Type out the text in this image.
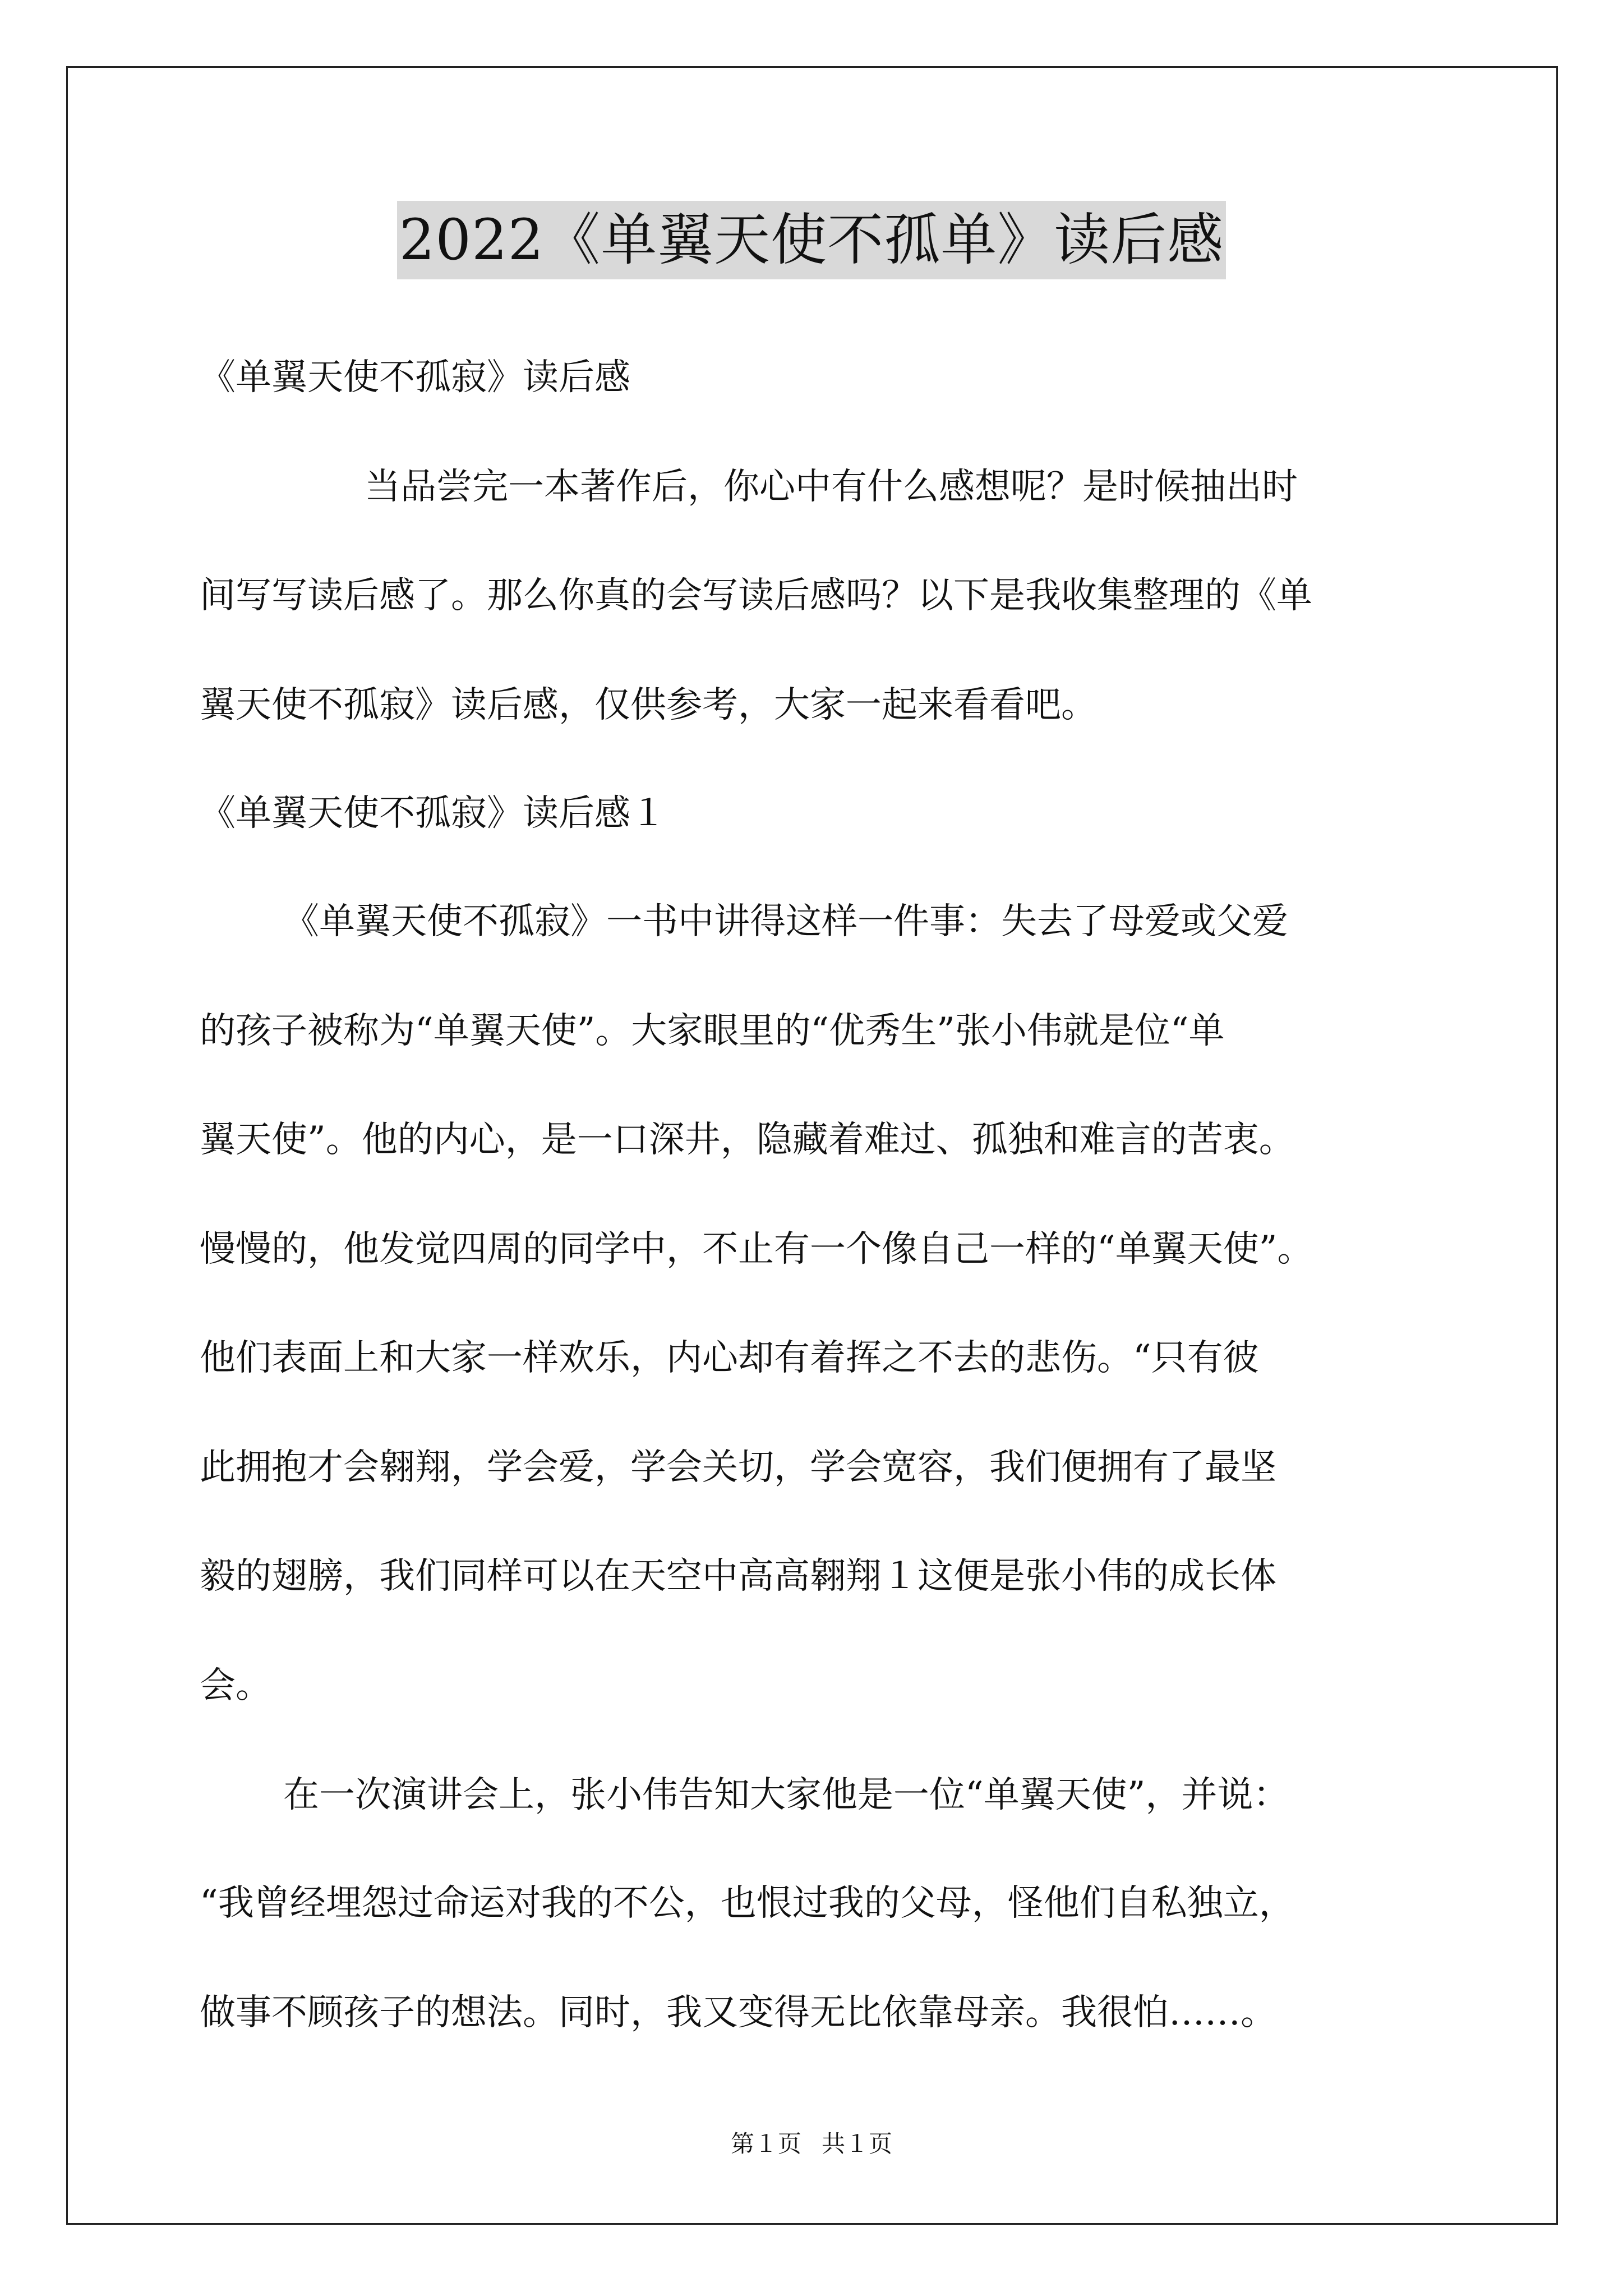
2022《单翼天使不孤单》读后感
《单翼天使不孤寂》读后感
当品尝完一本著作后，你心中有什么感想呢？是时候抽出时
间写写读后感了。那么你真的会写读后感吗？以下是我收集整理的《单
翼天使不孤寂》读后感，仅供参考，大家一起来看看吧。
《单翼天使不孤寂》读后感１
《单翼天使不孤寂》一书中讲得这样一件事：失去了母爱或父爱
的孩子被称为“单翼天使”。大家眼里的“优秀生”张小伟就是位“单
翼天使”。他的内心，是一口深井，隐藏着难过、孤独和难言的苦衷。
慢慢的，他发觉四周的同学中，不止有一个像自己一样的“单翼天使”。
他们表面上和大家一样欢乐，内心却有着挥之不去的悲伤。“只有彼
此拥抱才会翱翔，学会爱，学会关切，学会宽容，我们便拥有了最坚
毅的翅膀，我们同样可以在天空中高高翱翔１这便是张小伟的成长体
会。
在一次演讲会上，张小伟告知大家他是一位“单翼天使”，并说：
“我曾经埋怨过命运对我的不公，也恨过我的父母，怪他们自私独立，
做事不顾孩子的想法。同时，我又变得无比依靠母亲。我很怕……。
第１页 共１页
